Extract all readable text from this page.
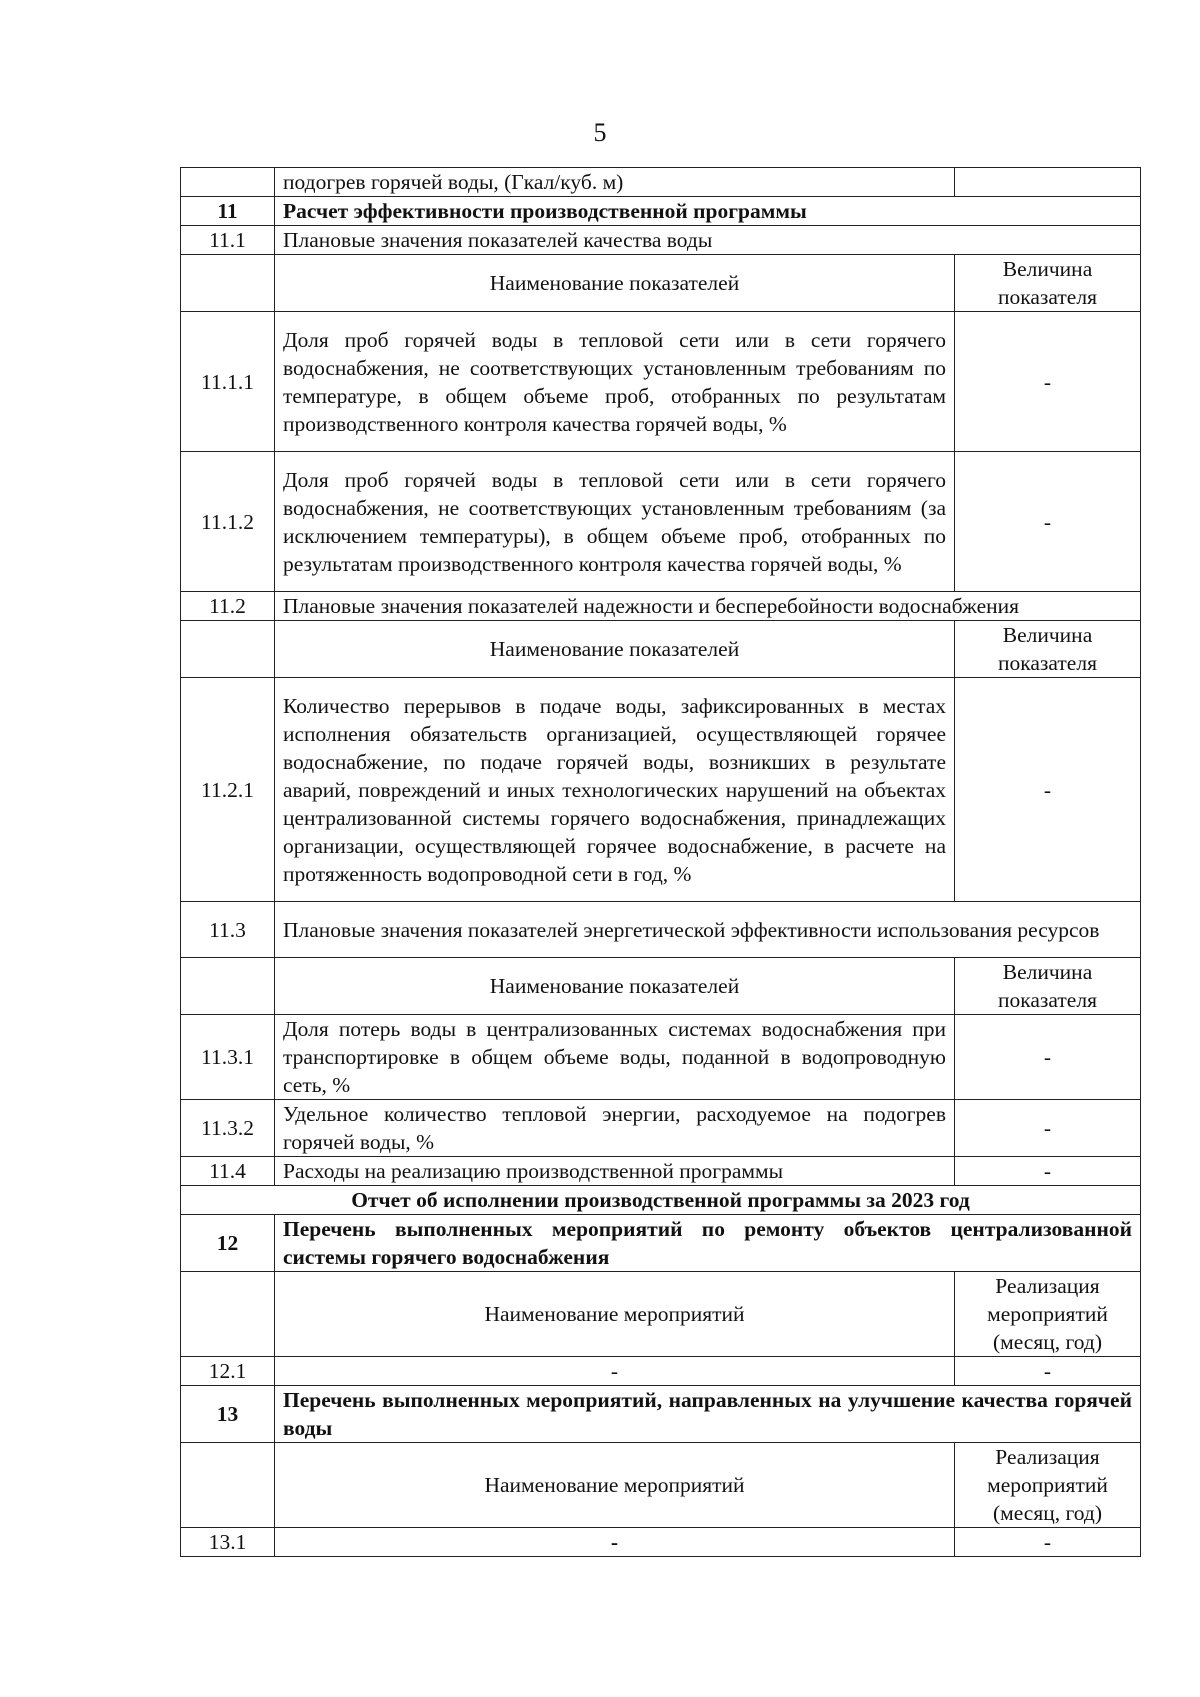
5
	подогрев горячей воды, (Гкал/куб. м)	
11	Расчет эффективности производственной программы	
11.1	Плановые значения показателей качества воды	
	Наименование показателей	Величина показателя
11.1.1	Доля проб горячей воды в тепловой сети или в сети горячего водоснабжения, не соответствующих установленным требованиям по температуре, в общем объеме проб, отобранных по результатам производственного контроля качества горячей воды, %	-
11.1.2	Доля проб горячей воды в тепловой сети или в сети горячего водоснабжения, не соответствующих установленным требованиям (за исключением температуры), в общем объеме проб, отобранных по результатам производственного контроля качества горячей воды, %	-
11.2	Плановые значения показателей надежности и бесперебойности водоснабжения	
	Наименование показателей	Величина показателя
11.2.1	Количество перерывов в подаче воды, зафиксированных в местах исполнения обязательств организацией, осуществляющей горячее водоснабжение, по подаче горячей воды, возникших в результате аварий, повреждений и иных технологических нарушений на объектах централизованной системы горячего водоснабжения, принадлежащих организации, осуществляющей горячее водоснабжение, в расчете на протяженность водопроводной сети в год, %	-
11.3	Плановые значения показателей энергетической эффективности использования ресурсов	

	Наименование показателей	Величина показателя
11.3.1	Доля потерь воды в централизованных системах водоснабжения при транспортировке в общем объеме воды, поданной в водопроводную сеть, %	-
11.3.2	Удельное количество тепловой энергии, расходуемое на подогрев горячей воды, %	-
11.4	Расходы на реализацию производственной программы	-
Отчет об исполнении производственной программы за 2023 год		
12	Перечень выполненных мероприятий по ремонту объектов централизованной системы горячего водоснабжения	

	Наименование мероприятий	Реализация мероприятий (месяц, год)
12.1	-	-
13	Перечень выполненных мероприятий, направленных на улучшение качества горячей воды	

	Наименование мероприятий	Реализация мероприятий (месяц, год)
13.1	-	-
